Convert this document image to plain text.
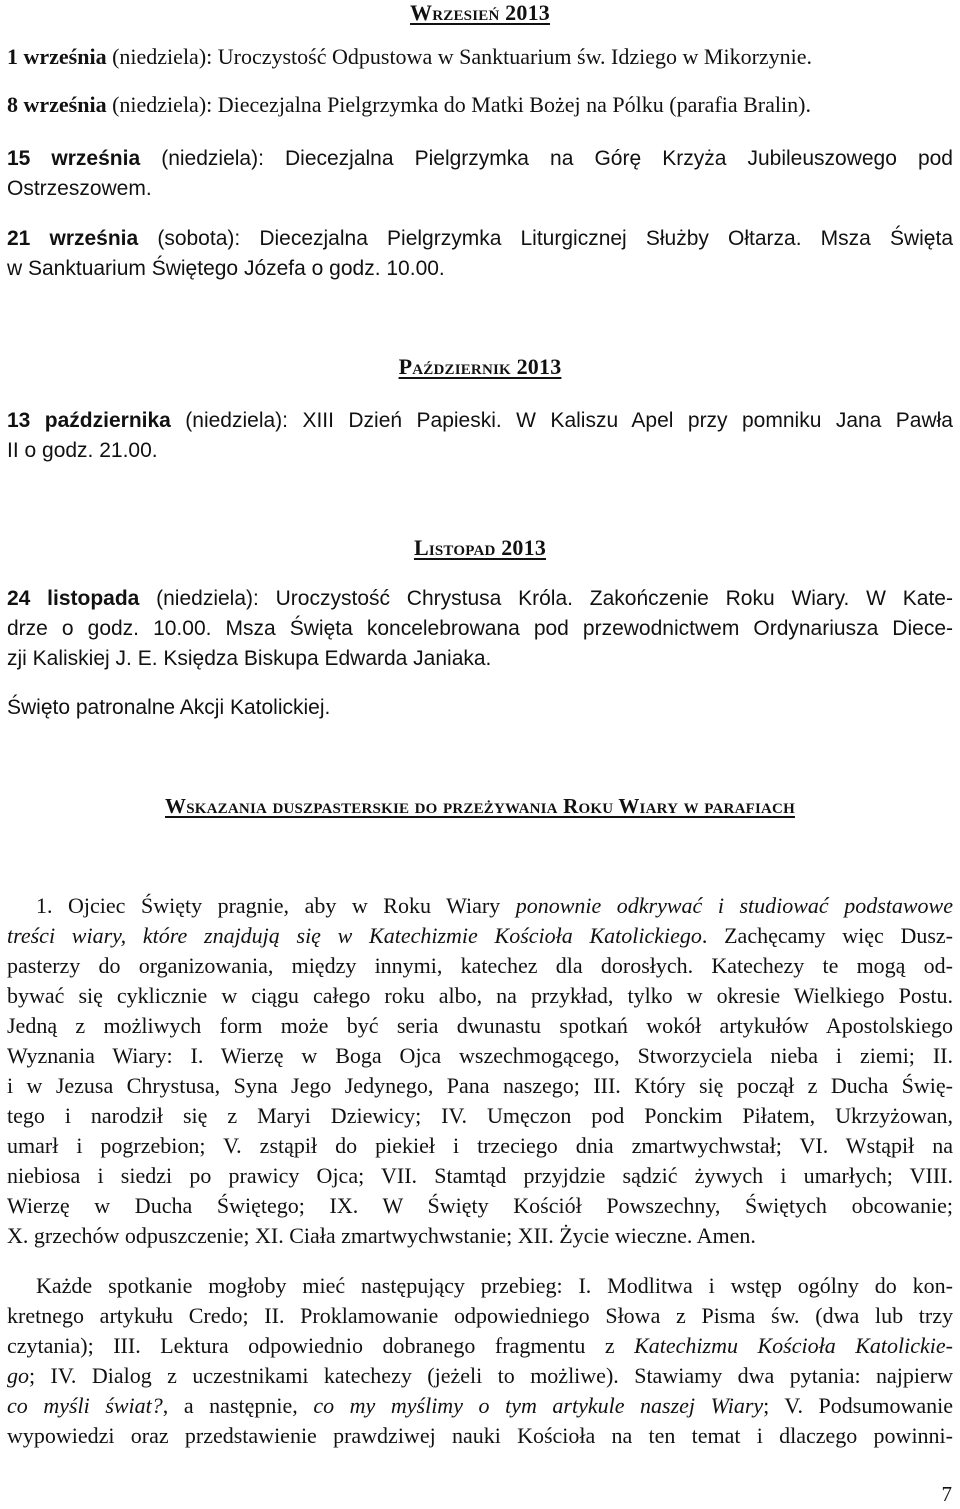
Wrzesień 2013
1 września (niedziela): Uroczystość Odpustowa w Sanktuarium św. Idziego w Mikorzynie.
8 września (niedziela): Diecezjalna Pielgrzymka do Matki Bożej na Pólku (parafia Bralin).
15 września (niedziela): Diecezjalna Pielgrzymka na Górę Krzyża Jubileuszowego pod
Ostrzeszowem.
21 września (sobota): Diecezjalna Pielgrzymka Liturgicznej Służby Ołtarza. Msza Święta
w Sanktuarium Świętego Józefa o godz. 10.00.
Październik 2013
13 października (niedziela): XIII Dzień Papieski. W Kaliszu Apel przy pomniku Jana Pawła
II o godz. 21.00.
Listopad 2013
24 listopada (niedziela): Uroczystość Chrystusa Króla. Zakończenie Roku Wiary. W Kate-
drze o godz. 10.00. Msza Święta koncelebrowana pod przewodnictwem Ordynariusza Diece-
zji Kaliskiej J. E. Księdza Biskupa Edwarda Janiaka.
Święto patronalne Akcji Katolickiej.
Wskazania duszpasterskie do przeżywania Roku Wiary w parafiach
1. Ojciec Święty pragnie, aby w Roku Wiary ponownie odkrywać i studiować podstawowe
treści wiary, które znajdują się w Katechizmie Kościoła Katolickiego. Zachęcamy więc Dusz-
pasterzy do organizowania, między innymi, katechez dla dorosłych. Katechezy te mogą od-
bywać się cyklicznie w ciągu całego roku albo, na przykład, tylko w okresie Wielkiego Postu.
Jedną z możliwych form może być seria dwunastu spotkań wokół artykułów Apostolskiego
Wyznania Wiary: I. Wierzę w Boga Ojca wszechmogącego, Stworzyciela nieba i ziemi; II.
i w Jezusa Chrystusa, Syna Jego Jedynego, Pana naszego; III. Który się począł z Ducha Świę-
tego i narodził się z Maryi Dziewicy; IV. Umęczon pod Ponckim Piłatem, Ukrzyżowan,
umarł i pogrzebion; V. zstąpił do piekieł i trzeciego dnia zmartwychwstał; VI. Wstąpił na
niebiosa i siedzi po prawicy Ojca; VII. Stamtąd przyjdzie sądzić żywych i umarłych; VIII.
Wierzę w Ducha Świętego; IX. W Święty Kościół Powszechny, Świętych obcowanie;
X. grzechów odpuszczenie; XI. Ciała zmartwychwstanie; XII. Życie wieczne. Amen.
Każde spotkanie mogłoby mieć następujący przebieg: I. Modlitwa i wstęp ogólny do kon-
kretnego artykułu Credo; II. Proklamowanie odpowiedniego Słowa z Pisma św. (dwa lub trzy
czytania); III. Lektura odpowiednio dobranego fragmentu z Katechizmu Kościoła Katolickie-
go; IV. Dialog z uczestnikami katechezy (jeżeli to możliwe). Stawiamy dwa pytania: najpierw
co myśli świat?, a następnie, co my myślimy o tym artykule naszej Wiary; V. Podsumowanie
wypowiedzi oraz przedstawienie prawdziwej nauki Kościoła na ten temat i dlaczego powinni-
7
